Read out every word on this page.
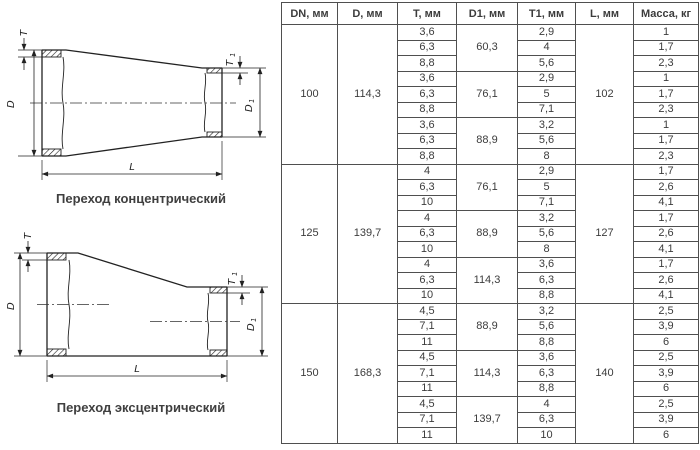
D
T
T
1
D
1
L
Переход концентрический
D
T
T
1
D
1
L
Переход эксцентрический
DN, мм	D, мм	T, мм	D1, мм	T1, мм	L, мм	Масса, кг
100	114,3	3,6	60,3	2,9	102	1
		6,3		4		1,7
		8,8		5,6		2,3
		3,6	76,1	2,9		1
		6,3		5		1,7
		8,8		7,1		2,3
		3,6	88,9	3,2		1
		6,3		5,6		1,7
		8,8		8		2,3
125	139,7	4	76,1	2,9	127	1,7
		6,3		5		2,6
		10		7,1		4,1
		4	88,9	3,2		1,7
		6,3		5,6		2,6
		10		8		4,1
		4	114,3	3,6		1,7
		6,3		6,3		2,6
		10		8,8		4,1
150	168,3	4,5	88,9	3,2	140	2,5
		7,1		5,6		3,9
		11		8,8		6
		4,5	114,3	3,6		2,5
		7,1		6,3		3,9
		11		8,8		6
		4,5	139,7	4		2,5
		7,1		6,3		3,9
		11		10		6
